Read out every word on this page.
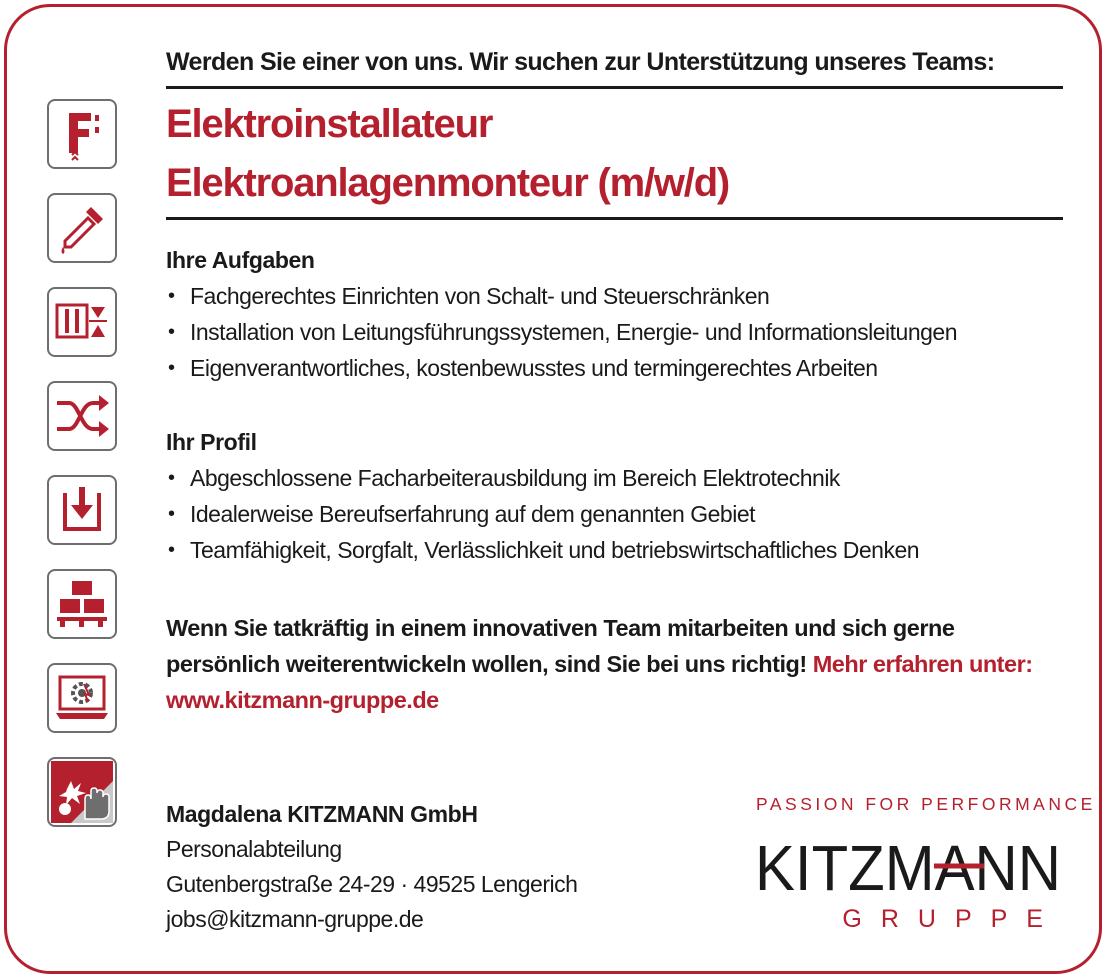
Werden Sie einer von uns. Wir suchen zur Unterstützung unseres Teams:

Elektroinstallateur
Elektroanlagenmonteur (m/w/d)
Ihre Aufgaben
• Fachgerechtes Einrichten von Schalt- und Steuerschränken
• Installation von Leitungsführungssystemen, Energie- und Informationsleitungen
• Eigenverantwortliches, kostenbewusstes und termingerechtes Arbeiten
Ihr Profil
• Abgeschlossene Facharbeiterausbildung im Bereich Elektrotechnik
• Idealerweise Bereufserfahrung auf dem genannten Gebiet
• Teamfähigkeit, Sorgfalt, Verlässlichkeit und betriebswirtschaftliches Denken
Wenn Sie tatkräftig in einem innovativen Team mitarbeiten und sich gerne persönlich weiterentwickeln wollen, sind Sie bei uns richtig! Mehr erfahren unter: www.kitzmann-gruppe.de
Magdalena KITZMANN GmbH
Personalabteilung
Gutenbergstraße 24-29 · 49525 Lengerich
jobs@kitzmann-gruppe.de
PASSION FOR PERFORMANCE
KITZMANN
GRUPPE
